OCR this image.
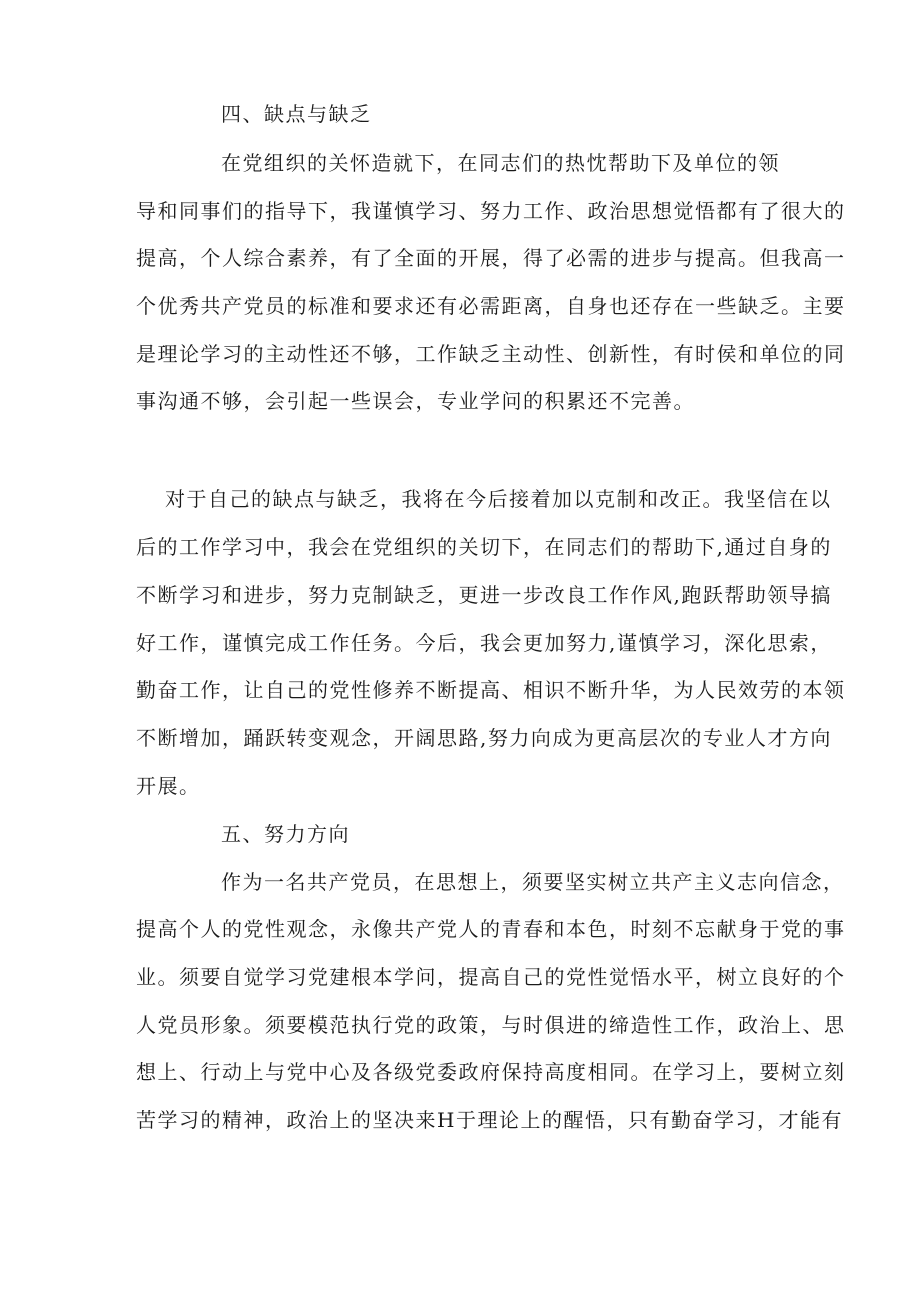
四、缺点与缺乏
在党组织的关怀造就下，在同志们的热忱帮助下及单位的领
导和同事们的指导下，我谨慎学习、努力工作、政治思想觉悟都有了很大的
提高，个人综合素养，有了全面的开展，得了必需的进步与提高。但我高一
个优秀共产党员的标准和要求还有必需距离，自身也还存在一些缺乏。主要
是理论学习的主动性还不够，工作缺乏主动性、创新性，有时侯和单位的同
事沟通不够，会引起一些误会，专业学问的积累还不完善。
对于自己的缺点与缺乏，我将在今后接着加以克制和改正。我坚信在以
后的工作学习中，我会在党组织的关切下，在同志们的帮助下,通过自身的
不断学习和进步，努力克制缺乏，更进一步改良工作作风,跑跃帮助领导搞
好工作，谨慎完成工作任务。今后，我会更加努力,谨慎学习，深化思索，
勤奋工作，让自己的党性修养不断提高、相识不断升华，为人民效劳的本领
不断增加，踊跃转变观念，开阔思路,努力向成为更高层次的专业人才方向
开展。
五、努力方向
作为一名共产党员，在思想上，须要坚实树立共产主义志向信念，
提高个人的党性观念，永像共产党人的青春和本色，时刻不忘献身于党的事
业。须要自觉学习党建根本学问，提高自己的党性觉悟水平，树立良好的个
人党员形象。须要模范执行党的政策，与时俱进的缔造性工作，政治上、思
想上、行动上与党中心及各级党委政府保持高度相同。在学习上，要树立刻
苦学习的精神，政治上的坚决来H于理论上的醒悟，只有勤奋学习，才能有
